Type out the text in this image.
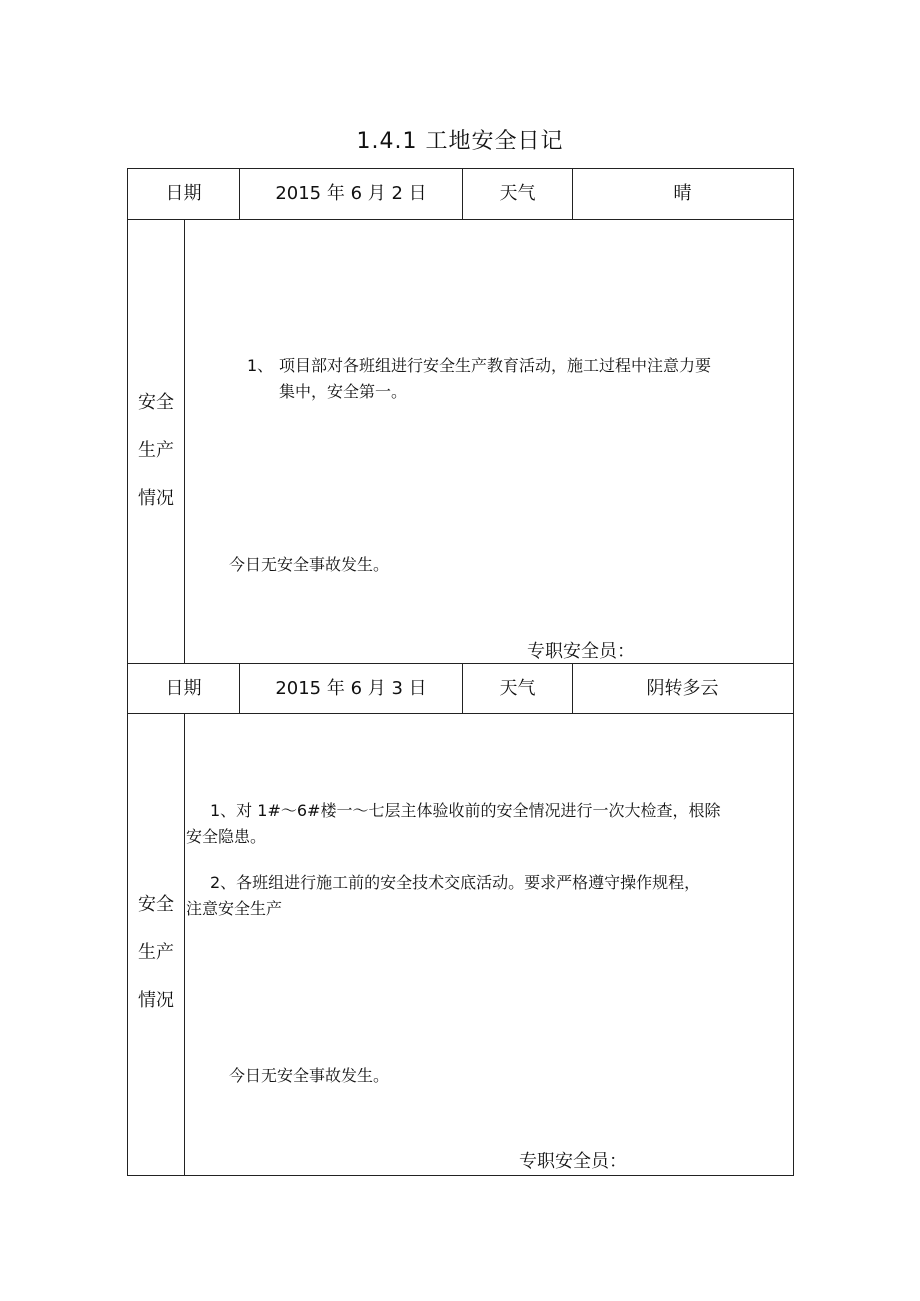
1.4.1 工地安全日记
日期	2015 年 6 月 2 日	天气	晴
安全
生产
情况
1、 项目部对各班组进行安全生产教育活动，施工过程中注意力要
集中，安全第一。
今日无安全事故发生。
专职安全员：
日期	2015 年 6 月 3 日	天气	阴转多云
安全
生产
情况
1、对 1#～6#楼一～七层主体验收前的安全情况进行一次大检查，根除
安全隐患。
2、各班组进行施工前的安全技术交底活动。要求严格遵守操作规程，
注意安全生产
今日无安全事故发生。
专职安全员：
